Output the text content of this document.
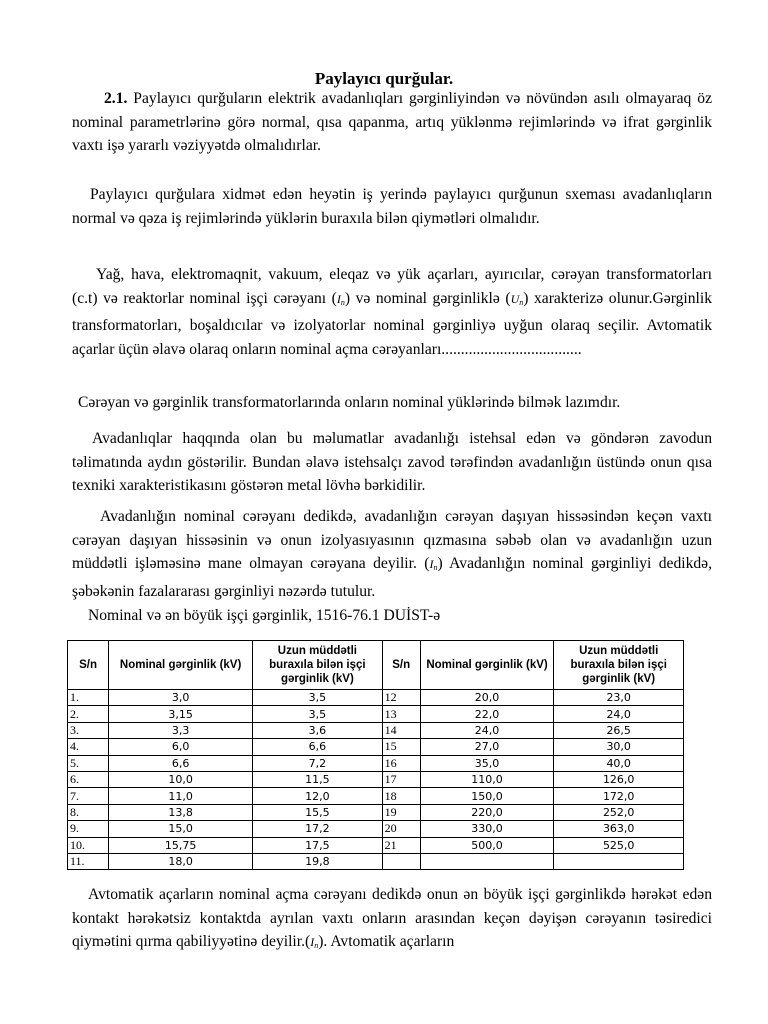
Paylayıcı qurğular.

2.1. Paylayıcı qurğuların elektrik avadanlıqları gərginliyindən və növündən asılı olmayaraq öz nominal parametrlərinə görə normal, qısa qapanma, artıq yüklənmə rejimlərində və ifrat gərginlik vaxtı işə yararlı vəziyyətdə olmalıdırlar.

Paylayıcı qurğulara xidmət edən heyətin iş yerində paylayıcı qurğunun sxeması avadanlıqların normal və qəza iş rejimlərində yüklərin buraxıla bilən qiymətləri olmalıdır.

Yağ, hava, elektromaqnit, vakuum, eleqaz və yük açarları, ayırıcılar, cərəyan transformatorları (c.t) və reaktorlar nominal işçi cərəyanı $(I_n)$ və nominal gərginliklə $(U_n)$ xarakterizə olunur.Gərginlik transformatorları, boşaldıcılar və izolyatorlar nominal gərginliyə uyğun olaraq seçilir. Avtomatik açarlar üçün əlavə olaraq onların nominal açma cərəyanları....................................

Cərəyan və gərginlik transformatorlarında onların nominal yüklərində bilmək lazımdır.

Avadanlıqlar haqqında olan bu məlumatlar avadanlığı istehsal edən və göndərən zavodun təlimatında aydın göstərilir. Bundan əlavə istehsalçı zavod tərəfindən avadanlığın üstündə onun qısa texniki xarakteristikasını göstərən metal lövhə bərkidilir.

Avadanlığın nominal cərəyanı dedikdə, avadanlığın cərəyan daşıyan hissəsindən keçən vaxtı cərəyan daşıyan hissəsinin və onun izolyasıyasının qızmasına səbəb olan və avadanlığın uzun müddətli işləməsinə mane olmayan cərəyana deyilir. $(I_n)$ Avadanlığın nominal gərginliyi dedikdə, şəbəkənin fazalararası gərginliyi nəzərdə tutulur.

Nominal və ən böyük işçi gərginlik, 1516-76.1 DUİST-ə
S/n	Nominal gərginlik (kV)	Uzun müddətli buraxıla bilən işçi gərginlik (kV)	S/n	Nominal gərginlik (kV)	Uzun müddətli buraxıla bilən işçi gərginlik (kV)
1.	3,0	3,5	12	20,0	23,0
2.	3,15	3,5	13	22,0	24,0
3.	3,3	3,6	14	24,0	26,5
4.	6,0	6,6	15	27,0	30,0
5.	6,6	7,2	16	35,0	40,0
6.	10,0	11,5	17	110,0	126,0
7.	11,0	12,0	18	150,0	172,0
8.	13,8	15,5	19	220,0	252,0
9.	15,0	17,2	20	330,0	363,0
10.	15,75	17,5	21	500,0	525,0
11.	18,0	19,8			

Avtomatik açarların nominal açma cərəyanı dedikdə onun ən böyük işçi gərginlikdə hərəkət edən kontakt hərəkətsiz kontaktda ayrılan vaxtı onların arasından keçən dəyişən cərəyanın təsiredici qiymətini qırma qabiliyyətinə $deyilir.(I_n)$. Avtomatik açarların
